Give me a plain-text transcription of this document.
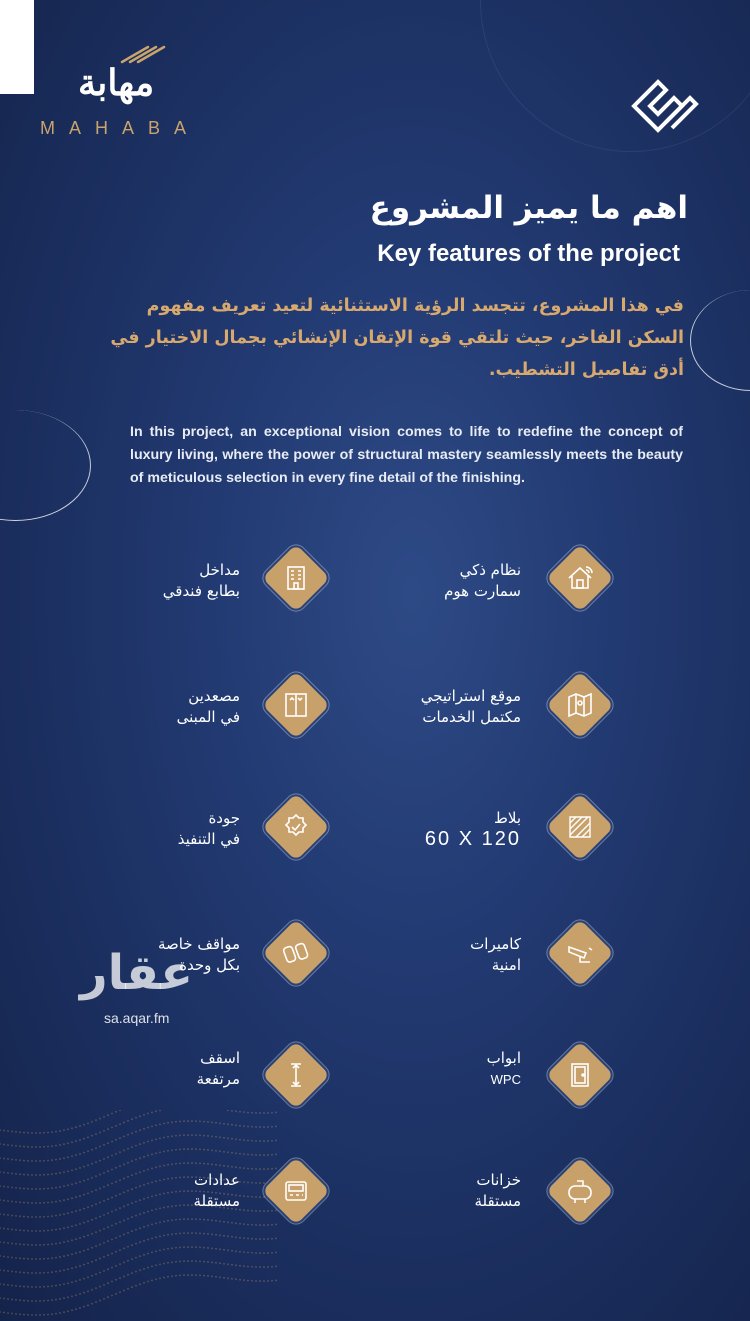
مهابة
MAHABA
اهم ما يميز المشروع
Key features of the project
في هذا المشروع، تتجسد الرؤية الاستثنائية لتعيد تعريف مفهوم السكن الفاخر، حيث تلتقي قوة الإتقان الإنشائي بجمال الاختيار في أدق تفاصيل التشطيب.
In this project, an exceptional vision comes to life to redefine the concept of luxury living, where the power of structural mastery seamlessly meets the beauty of meticulous selection in every fine detail of the finishing.
نظام ذكي
سمارت هوم
مداخل
بطابع فندقي
موقع استراتيجي
مكتمل الخدمات
مصعدين
في المبنى
بلاط
60 X 120
جودة
في التنفيذ
كاميرات
امنية
مواقف خاصة
بكل وحدة
ابواب
WPC
اسقف
مرتفعة
خزانات
مستقلة
عدادات
مستقلة
عقار
sa.aqar.fm
